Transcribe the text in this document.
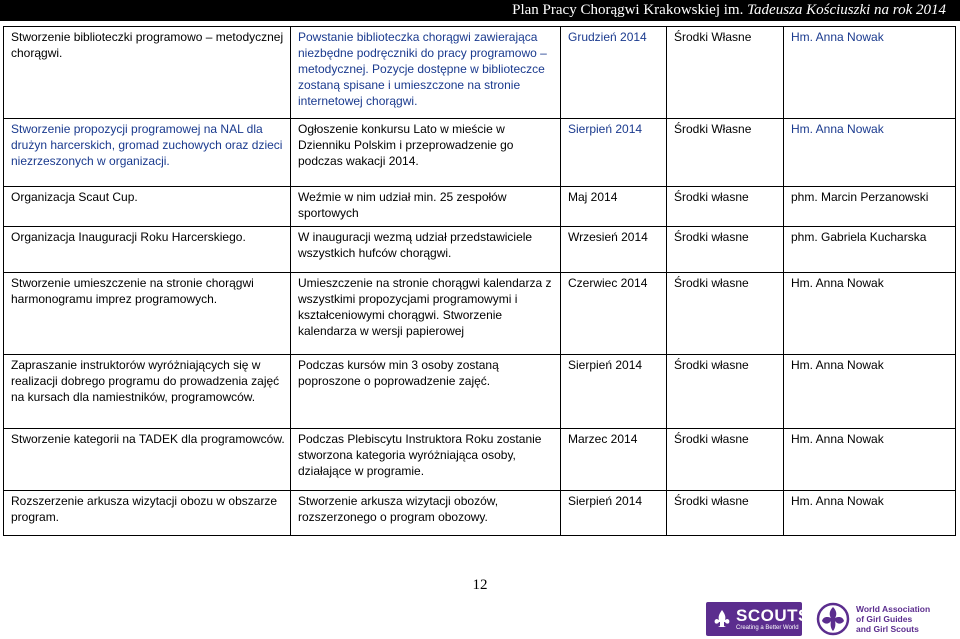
Plan Pracy Chorągwi Krakowskiej im. Tadeusza Kościuszki na rok 2014
Stworzenie biblioteczki programowo – metodycznej chorągwi.	Powstanie biblioteczka chorągwi zawierająca niezbędne podręczniki do pracy programowo – metodycznej. Pozycje dostępne w biblioteczce zostaną spisane i umieszczone na stronie internetowej chorągwi.	Grudzień 2014	Środki Własne	Hm. Anna Nowak
Stworzenie propozycji programowej na NAL dla drużyn harcerskich, gromad zuchowych oraz dzieci niezrzeszonych w organizacji.	Ogłoszenie konkursu Lato w mieście w Dzienniku Polskim i przeprowadzenie go podczas wakacji 2014.	Sierpień 2014	Środki Własne	Hm. Anna Nowak
Organizacja Scaut Cup.	Weźmie w nim udział min. 25 zespołów sportowych	Maj 2014	Środki własne	phm. Marcin Perzanowski
Organizacja Inauguracji Roku Harcerskiego.	W inauguracji wezmą udział przedstawiciele wszystkich hufców chorągwi.	Wrzesień 2014	Środki własne	phm. Gabriela Kucharska
Stworzenie umieszczenie na stronie chorągwi harmonogramu imprez programowych.	Umieszczenie na stronie chorągwi kalendarza z wszystkimi propozycjami programowymi i kształceniowymi chorągwi. Stworzenie kalendarza w wersji papierowej	Czerwiec 2014	Środki własne	Hm. Anna Nowak
Zapraszanie instruktorów wyróżniających się w realizacji dobrego programu do prowadzenia zajęć na kursach dla namiestników, programowców.	Podczas kursów min 3 osoby zostaną poproszone o poprowadzenie zajęć.	Sierpień 2014	Środki własne	Hm. Anna Nowak
Stworzenie kategorii na TADEK dla programowców.	Podczas Plebiscytu Instruktora Roku zostanie stworzona kategoria wyróżniająca osoby, działające w programie.	Marzec 2014	Środki własne	Hm. Anna Nowak
Rozszerzenie arkusza wizytacji obozu w obszarze program.	Stworzenie arkusza wizytacji obozów, rozszerzonego o program obozowy.	Sierpień 2014	Środki własne	Hm. Anna Nowak
12
SCOUTS
Creating a Better World
World Association
of Girl Guides
and Girl Scouts
